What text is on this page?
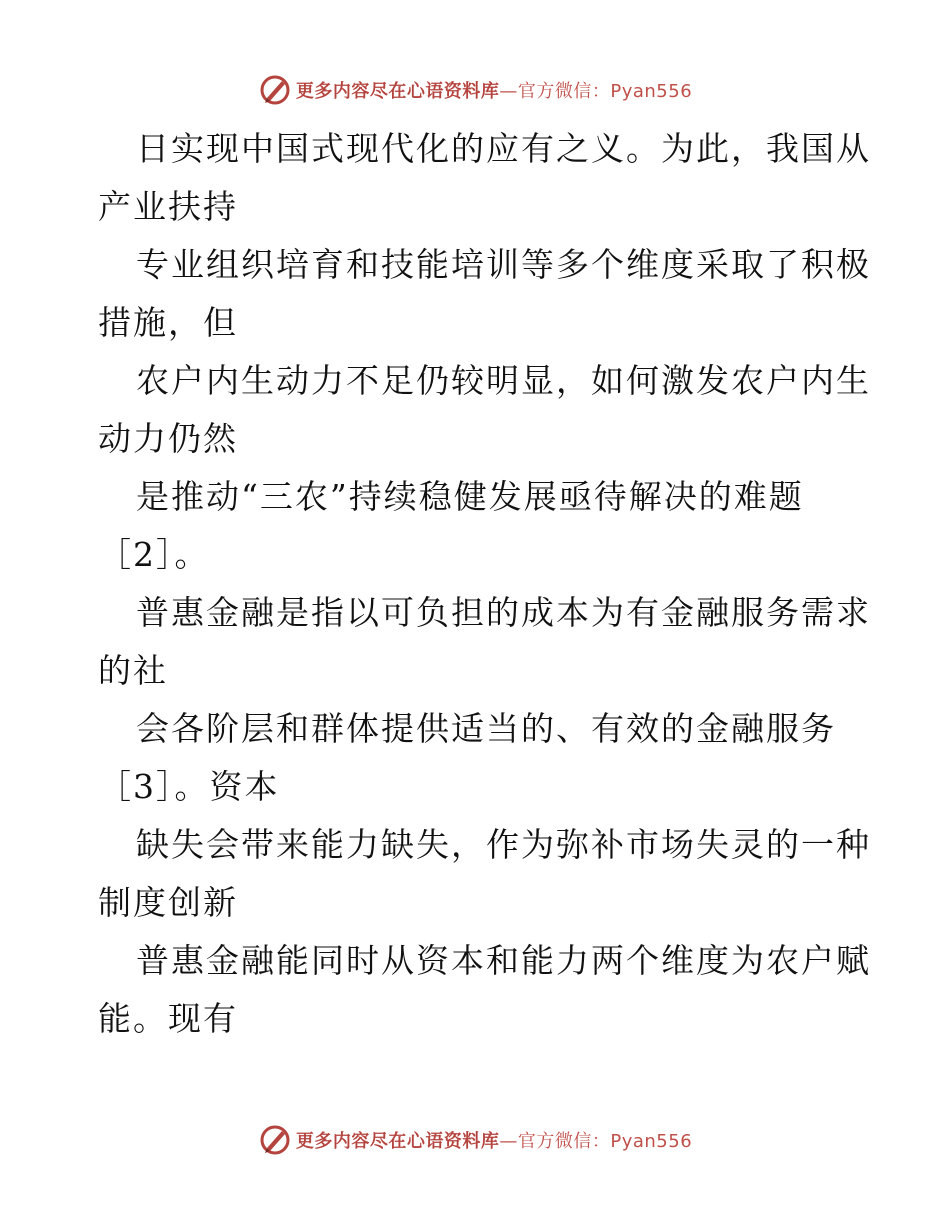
更多内容尽在心语资料库—官方微信：Pyan556
日实现中国式现代化的应有之义。为此，我国从
产业扶持
专业组织培育和技能培训等多个维度采取了积极
措施，但
农户内生动力不足仍较明显，如何激发农户内生
动力仍然
是推动“三农”持续稳健发展亟待解决的难题
［2］。
普惠金融是指以可负担的成本为有金融服务需求
的社
会各阶层和群体提供适当的、有效的金融服务
［3］。资本
缺失会带来能力缺失，作为弥补市场失灵的一种
制度创新
普惠金融能同时从资本和能力两个维度为农户赋
能。现有
更多内容尽在心语资料库—官方微信：Pyan556
